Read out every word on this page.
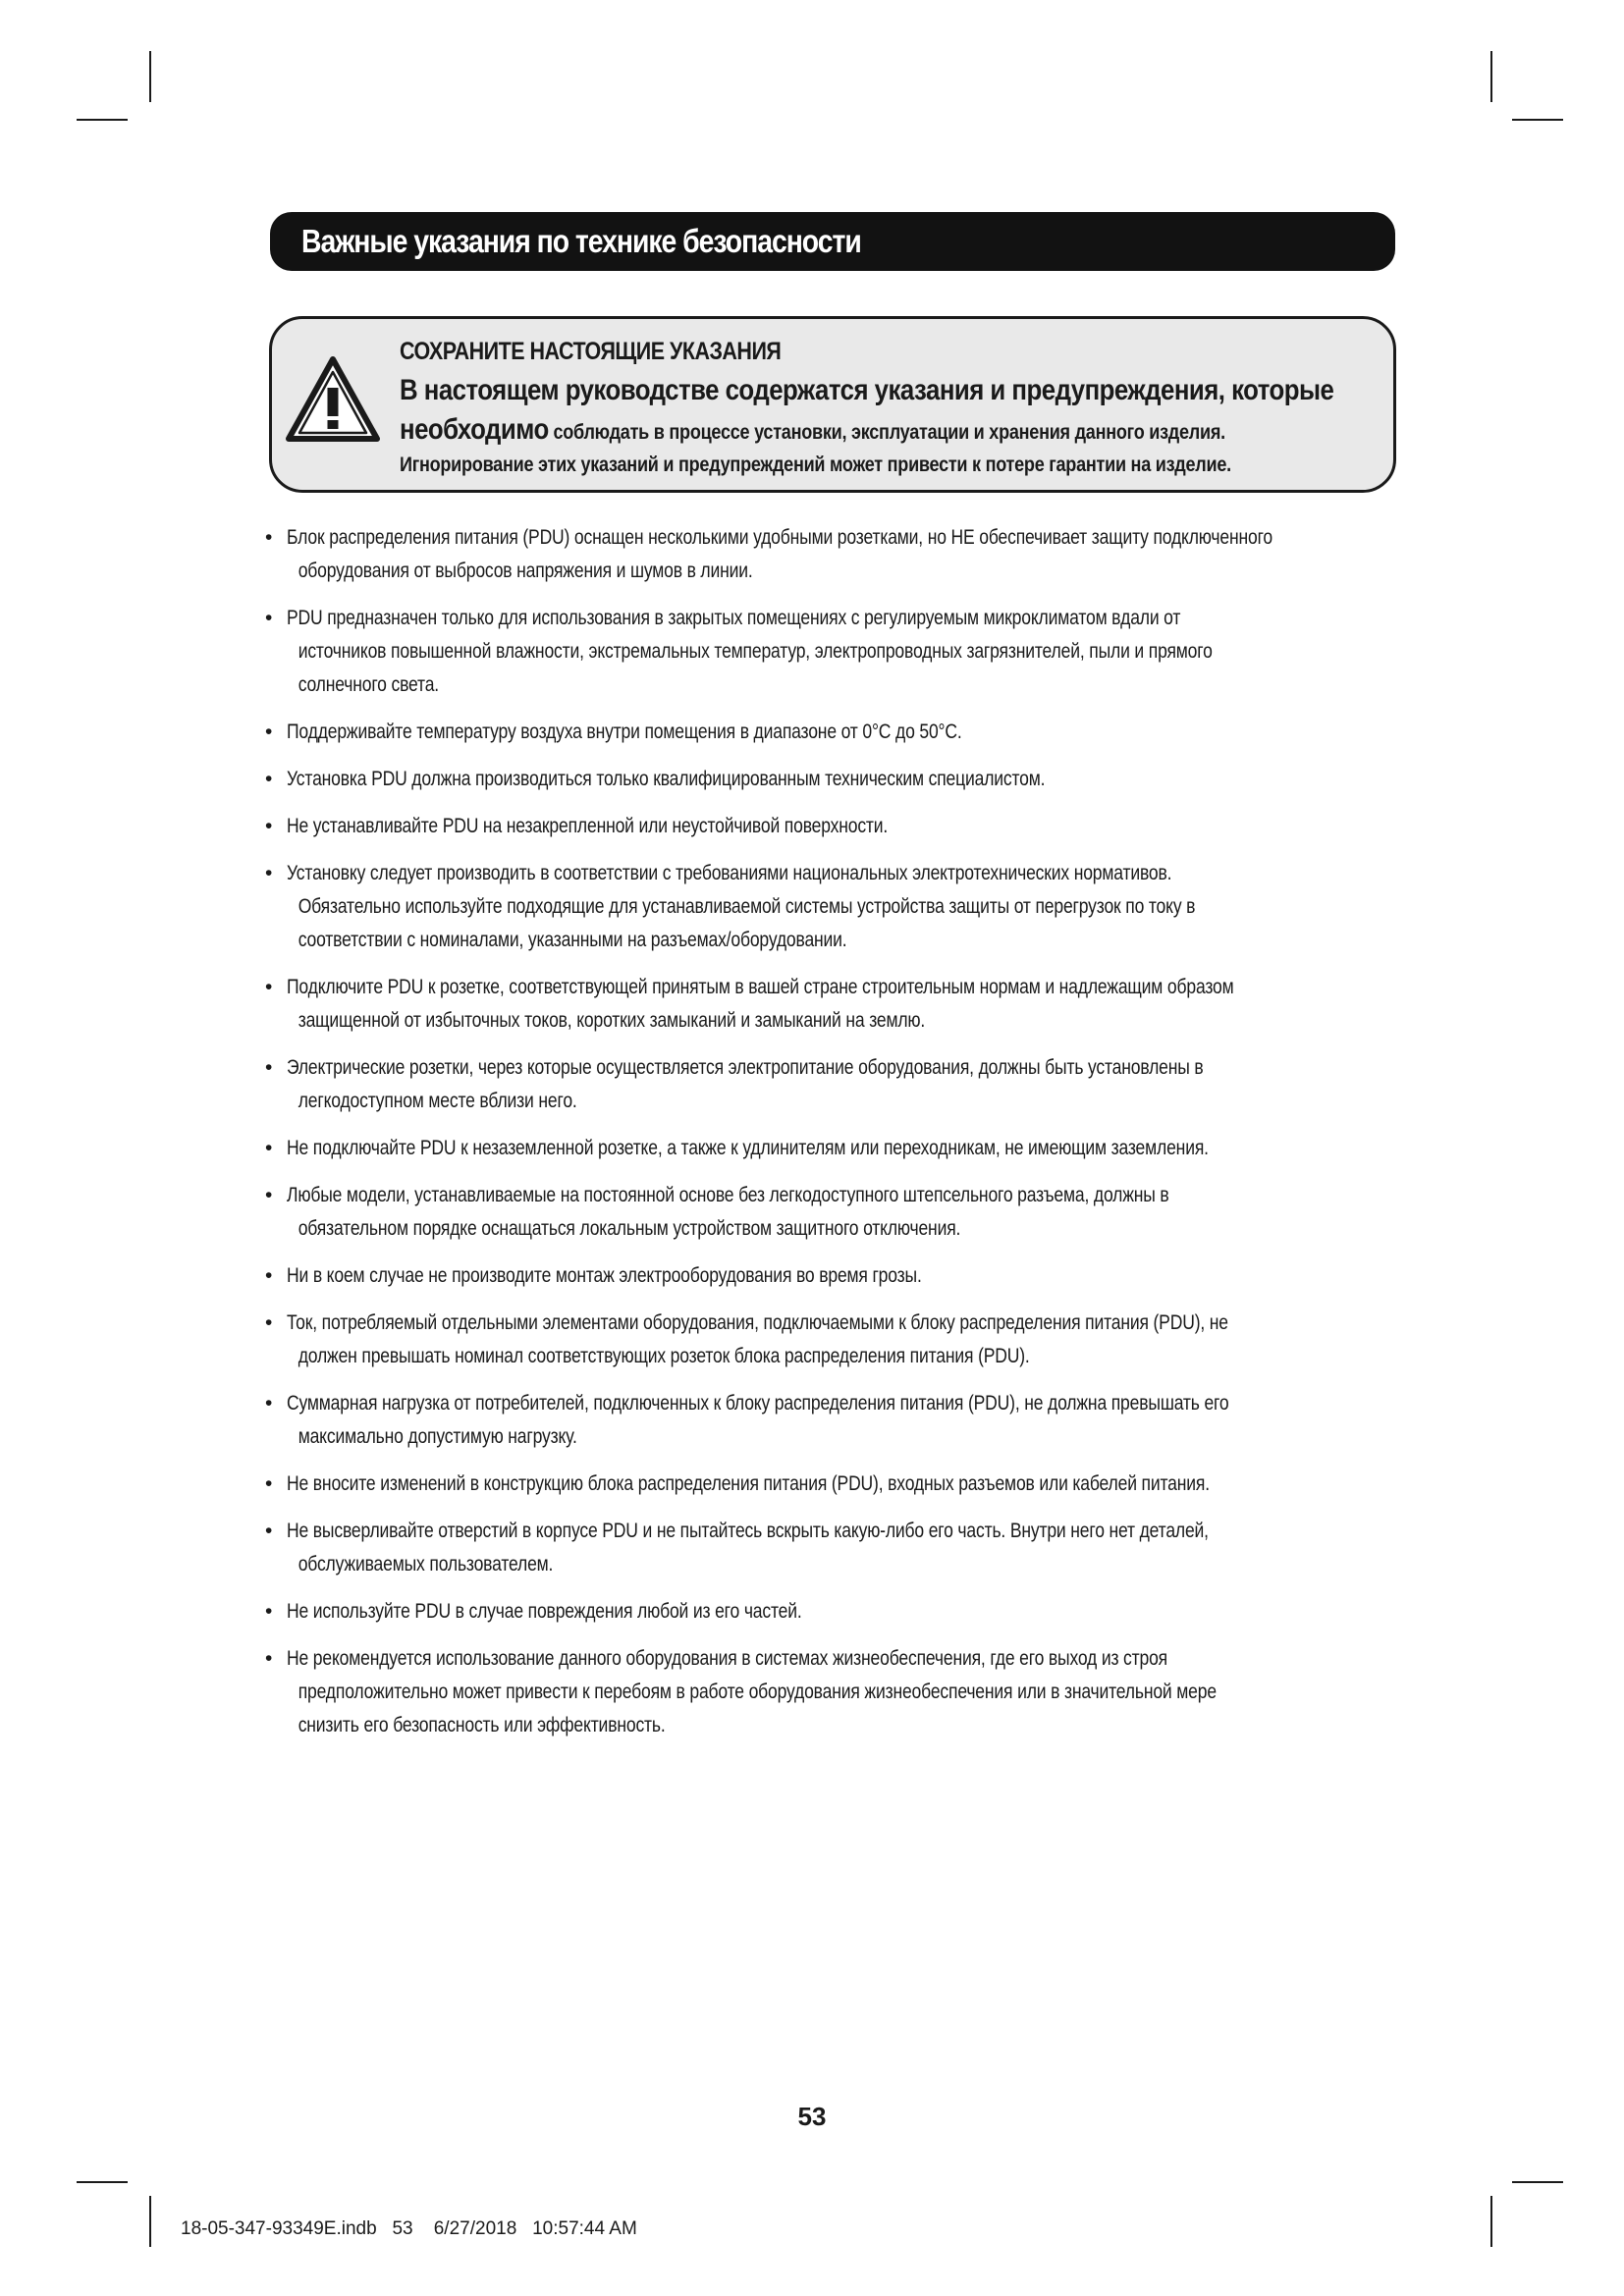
Важные указания по технике безопасности
СОХРАНИТЕ НАСТОЯЩИЕ УКАЗАНИЯ
В настоящем руководстве содержатся указания и предупреждения, которые
необходимо соблюдать в процессе установки, эксплуатации и хранения данного изделия.
Игнорирование этих указаний и предупреждений может привести к потере гарантии на изделие.
• Блок распределения питания (PDU) оснащен несколькими удобными розетками, но НЕ обеспечивает защиту подключенного
оборудования от выбросов напряжения и шумов в линии.
• PDU предназначен только для использования в закрытых помещениях с регулируемым микроклиматом вдали от
источников повышенной влажности, экстремальных температур, электропроводных загрязнителей, пыли и прямого
солнечного света.
• Поддерживайте температуру воздуха внутри помещения в диапазоне от 0°C до 50°C.
• Установка PDU должна производиться только квалифицированным техническим специалистом.
• Не устанавливайте PDU на незакрепленной или неустойчивой поверхности.
• Установку следует производить в соответствии с требованиями национальных электротехнических нормативов.
Обязательно используйте подходящие для устанавливаемой системы устройства защиты от перегрузок по току в
соответствии с номиналами, указанными на разъемах/оборудовании.
• Подключите PDU к розетке, соответствующей принятым в вашей стране строительным нормам и надлежащим образом
защищенной от избыточных токов, коротких замыканий и замыканий на землю.
• Электрические розетки, через которые осуществляется электропитание оборудования, должны быть установлены в
легкодоступном месте вблизи него.
• Не подключайте PDU к незаземленной розетке, а также к удлинителям или переходникам, не имеющим заземления.
• Любые модели, устанавливаемые на постоянной основе без легкодоступного штепсельного разъема, должны в
обязательном порядке оснащаться локальным устройством защитного отключения.
• Ни в коем случае не производите монтаж электрооборудования во время грозы.
• Ток, потребляемый отдельными элементами оборудования, подключаемыми к блоку распределения питания (PDU), не
должен превышать номинал соответствующих розеток блока распределения питания (PDU).
• Суммарная нагрузка от потребителей, подключенных к блоку распределения питания (PDU), не должна превышать его
максимально допустимую нагрузку.
• Не вносите изменений в конструкцию блока распределения питания (PDU), входных разъемов или кабелей питания.
• Не высверливайте отверстий в корпусе PDU и не пытайтесь вскрыть какую-либо его часть. Внутри него нет деталей,
обслуживаемых пользователем.
• Не используйте PDU в случае повреждения любой из его частей.
• Не рекомендуется использование данного оборудования в системах жизнеобеспечения, где его выход из строя
предположительно может привести к перебоям в работе оборудования жизнеобеспечения или в значительной мере
снизить его безопасность или эффективность.
53
18-05-347-93349E.indb   53    6/27/2018   10:57:44 AM
